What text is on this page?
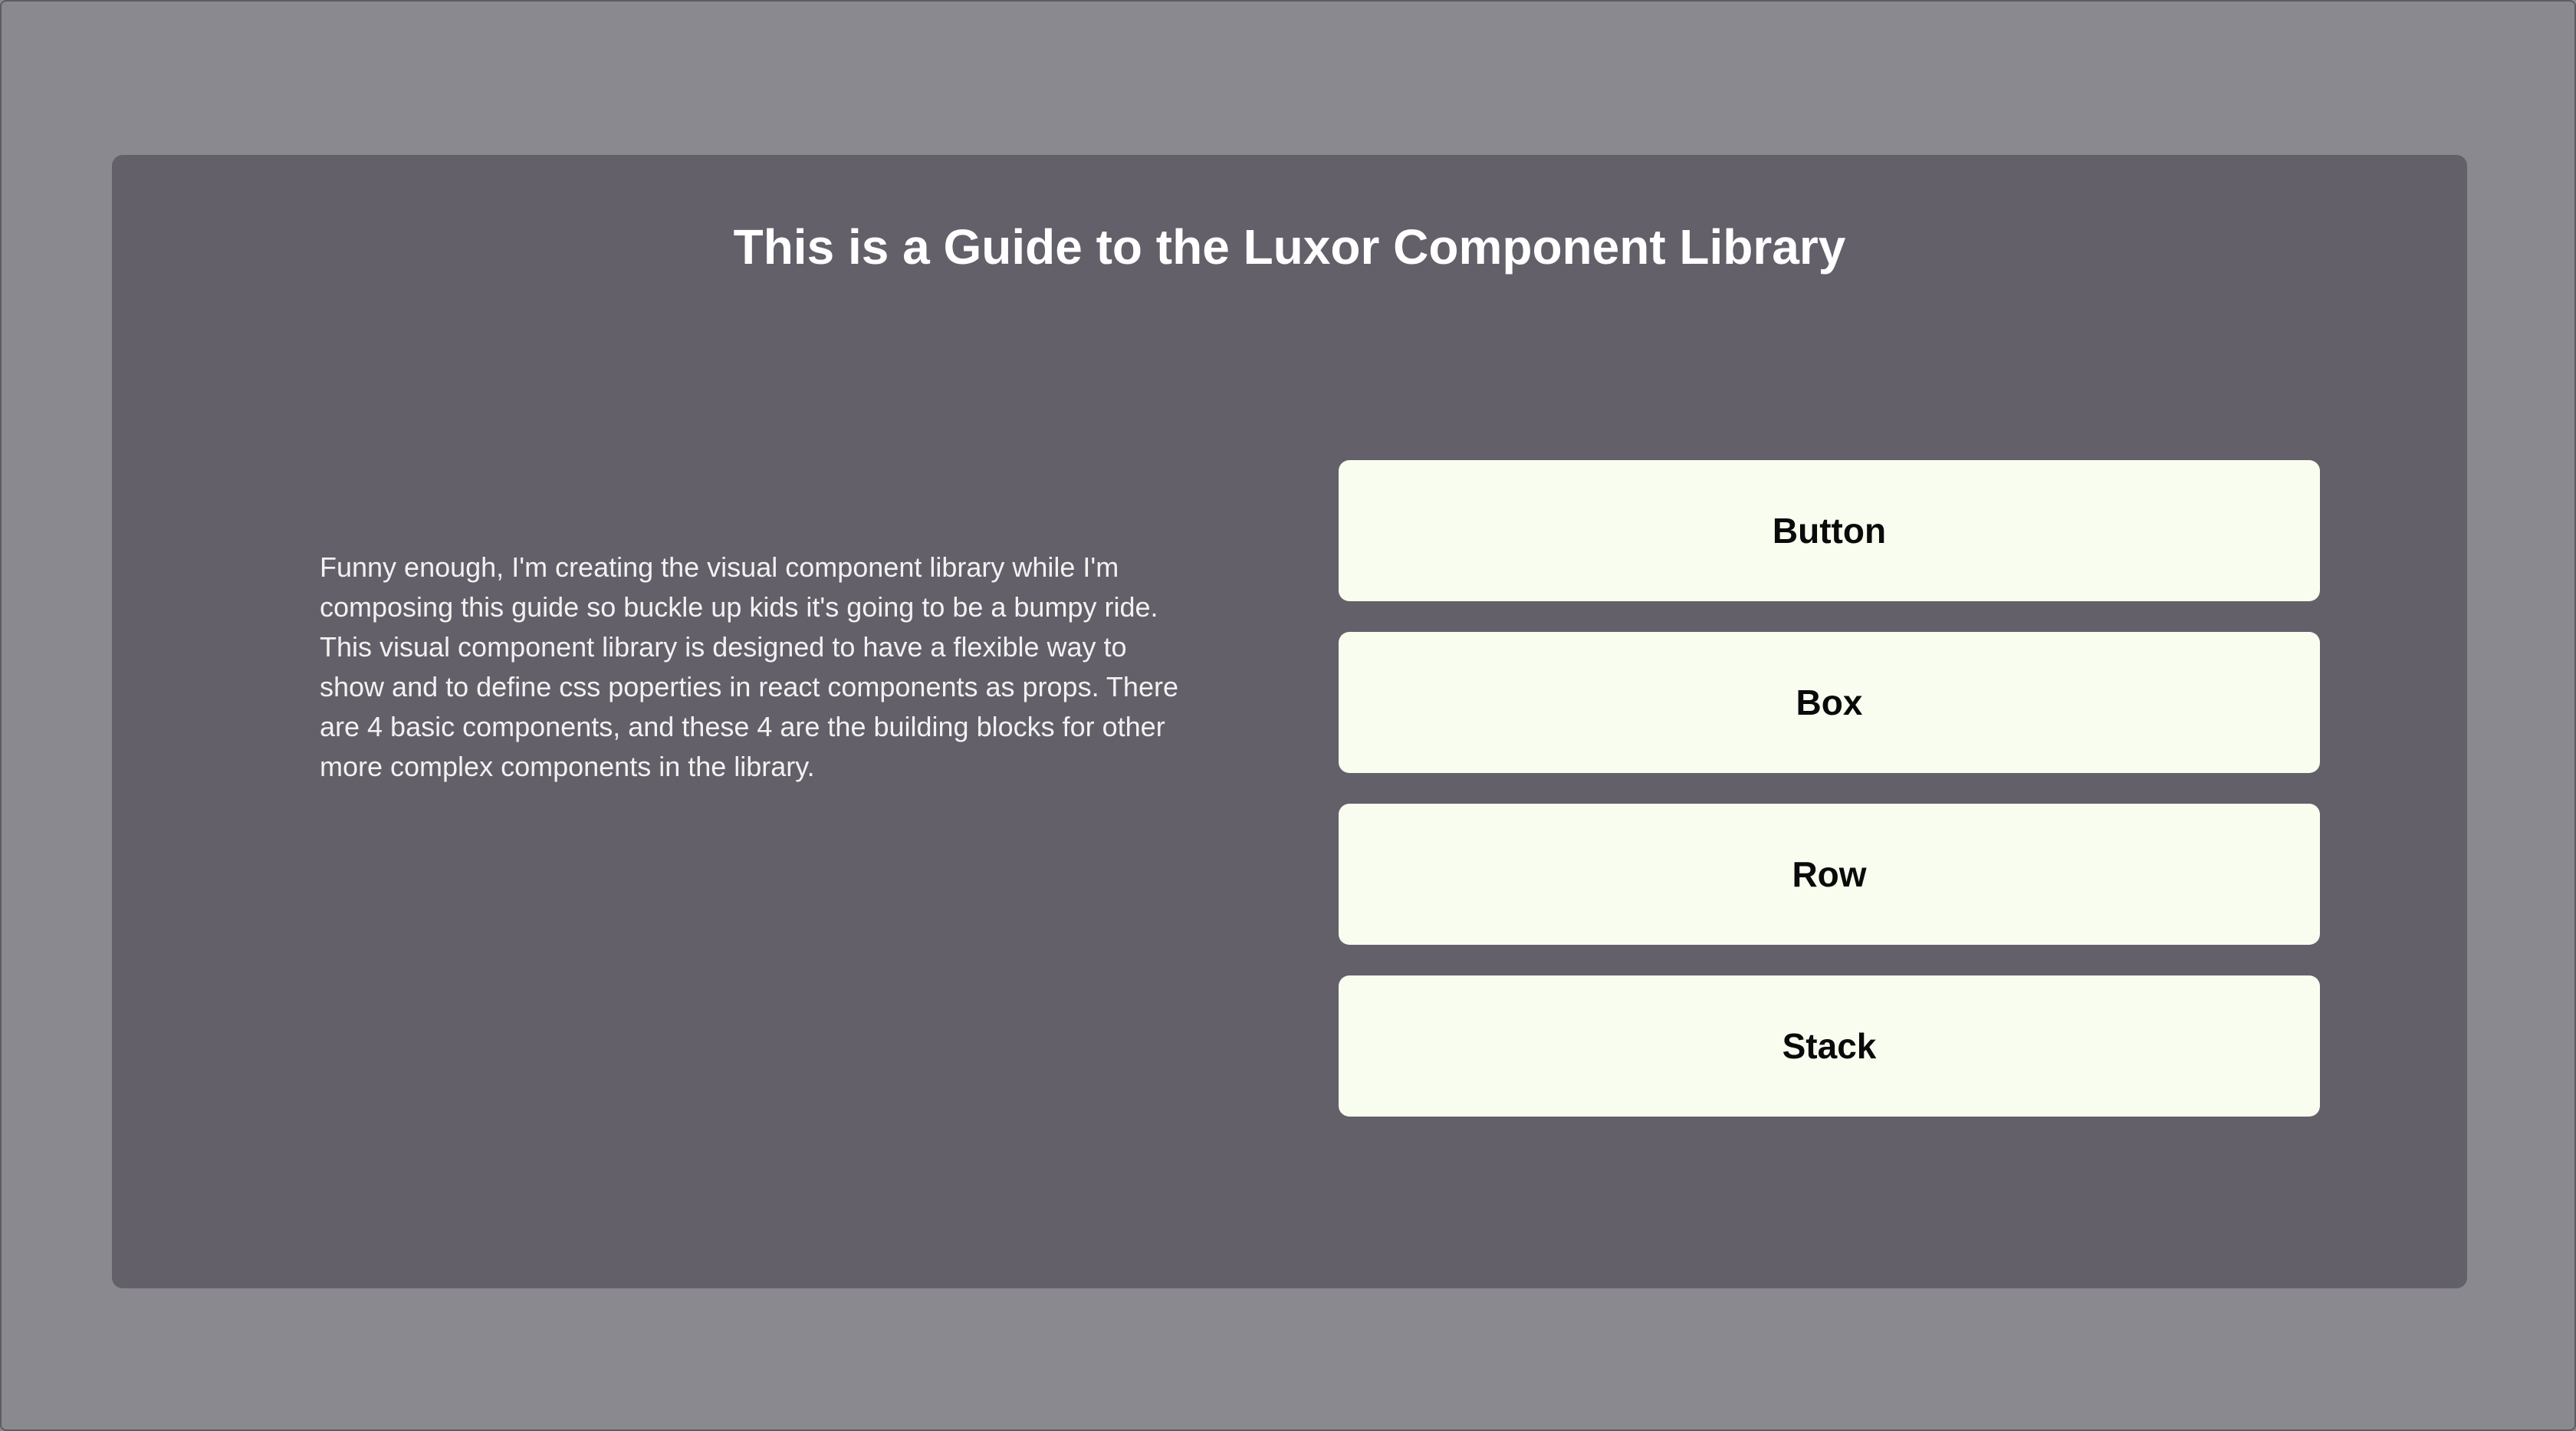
This is a Guide to the Luxor Component Library

Funny enough, I'm creating the visual component library while I'm composing this guide so buckle up kids it's going to be a bumpy ride. This visual component library is designed to have a flexible way to show and to define css poperties in react components as props. There are 4 basic components, and these 4 are the building blocks for other more complex components in the library.

Button
Box
Row
Stack
